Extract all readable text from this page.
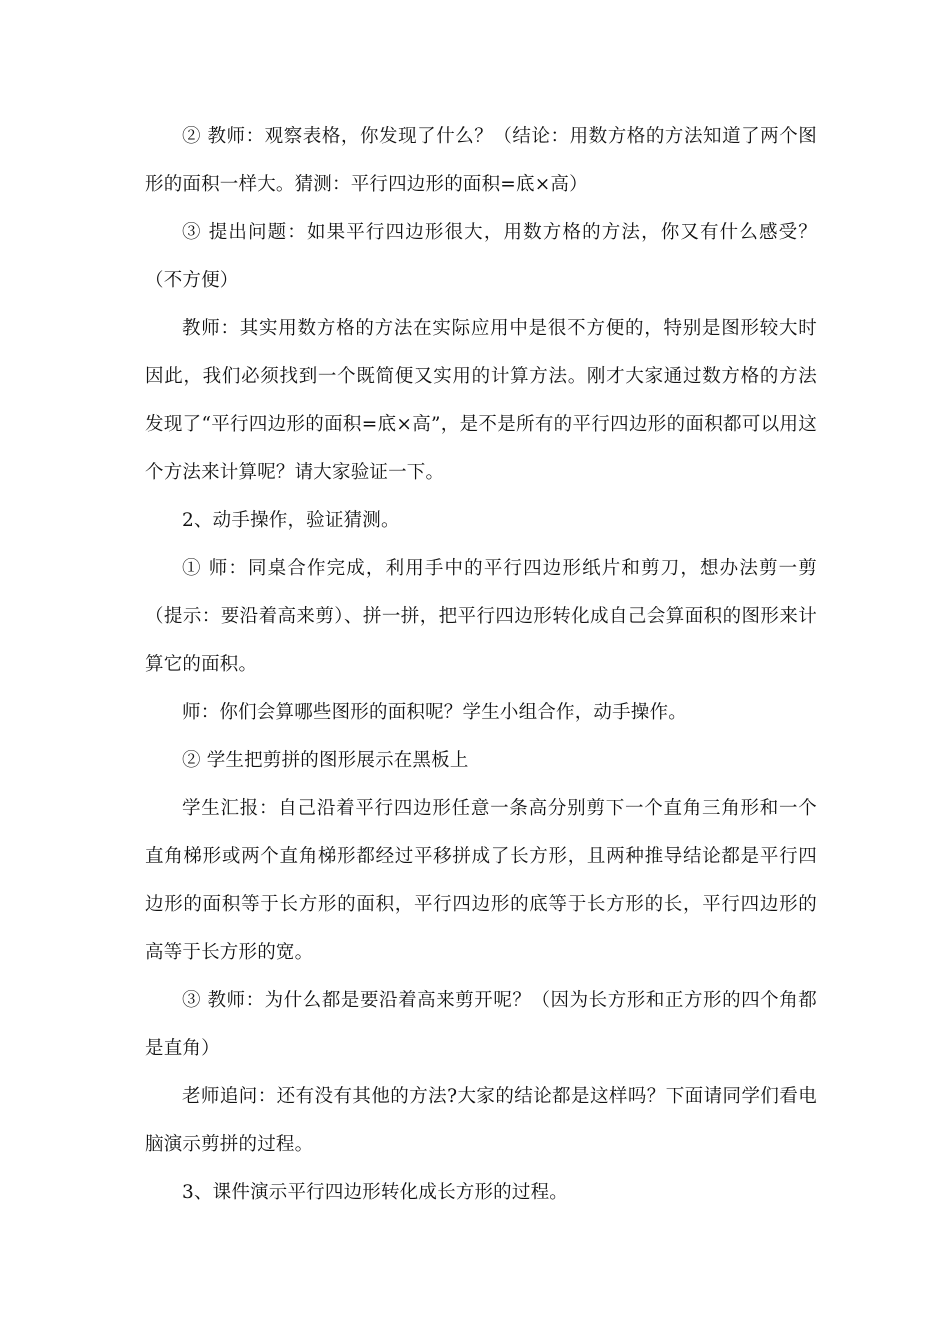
② 教师：观察表格，你发现了什么？（结论：用数方格的方法知道了两个图形的面积一样大。猜测：平行四边形的面积=底×高）

③ 提出问题：如果平行四边形很大，用数方格的方法，你又有什么感受？（不方便）

教师：其实用数方格的方法在实际应用中是很不方便的，特别是图形较大时因此，我们必须找到一个既简便又实用的计算方法。刚才大家通过数方格的方法发现了“平行四边形的面积=底×高”，是不是所有的平行四边形的面积都可以用这个方法来计算呢？请大家验证一下。

2、动手操作，验证猜测。

① 师：同桌合作完成，利用手中的平行四边形纸片和剪刀，想办法剪一剪（提示：要沿着高来剪）、拼一拼，把平行四边形转化成自己会算面积的图形来计算它的面积。

师：你们会算哪些图形的面积呢？学生小组合作，动手操作。

② 学生把剪拼的图形展示在黑板上

学生汇报：自己沿着平行四边形任意一条高分别剪下一个直角三角形和一个直角梯形或两个直角梯形都经过平移拼成了长方形，且两种推导结论都是平行四边形的面积等于长方形的面积，平行四边形的底等于长方形的长，平行四边形的高等于长方形的宽。

③ 教师：为什么都是要沿着高来剪开呢？（因为长方形和正方形的四个角都是直角）

老师追问：还有没有其他的方法?大家的结论都是这样吗？下面请同学们看电脑演示剪拼的过程。

3、课件演示平行四边形转化成长方形的过程。
